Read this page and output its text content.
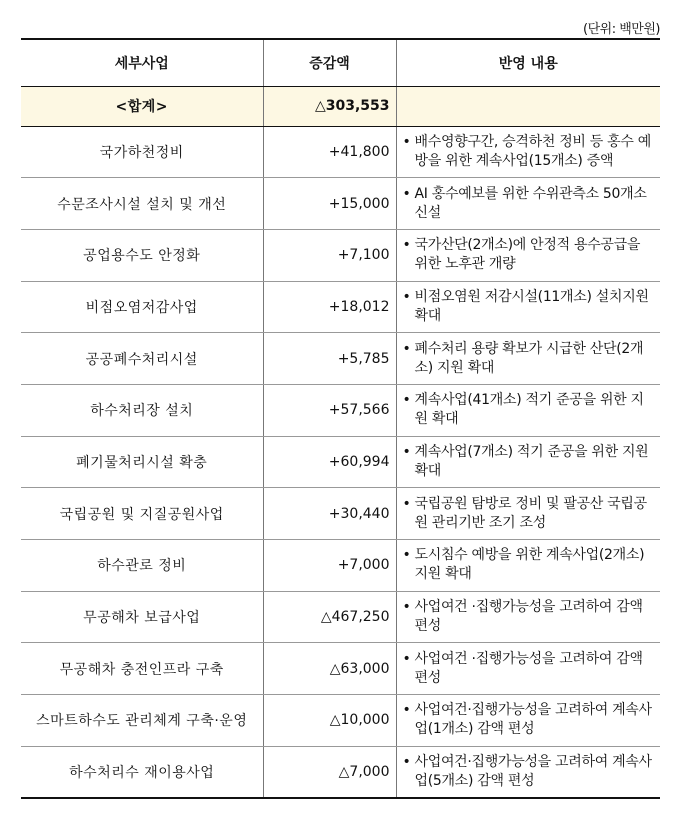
(단위: 백만원)
세부사업	증감액	반영 내용
<합계>	△303,553	
국가하천정비	+41,800	• 배수영향구간, 승격하천 정비 등 홍수 예방을 위한 계속사업(15개소) 증액

수문조사시설 설치 및 개선	+15,000	• AI 홍수예보를 위한 수위관측소 50개소 신설

공업용수도 안정화	+7,100	• 국가산단(2개소)에 안정적 용수공급을 위한 노후관 개량

비점오염저감사업	+18,012	• 비점오염원 저감시설(11개소) 설치지원 확대

공공폐수처리시설	+5,785	• 폐수처리 용량 확보가 시급한 산단(2개소) 지원 확대

하수처리장 설치	+57,566	• 계속사업(41개소) 적기 준공을 위한 지원 확대

폐기물처리시설 확충	+60,994	• 계속사업(7개소) 적기 준공을 위한 지원 확대

국립공원 및 지질공원사업	+30,440	• 국립공원 탐방로 정비 및 팔공산 국립공원 관리기반 조기 조성

하수관로 정비	+7,000	• 도시침수 예방을 위한 계속사업(2개소) 지원 확대

무공해차 보급사업	△467,250	• 사업여건 ·집행가능성을 고려하여 감액 편성

무공해차 충전인프라 구축	△63,000	• 사업여건 ·집행가능성을 고려하여 감액 편성

스마트하수도 관리체계 구축·운영	△10,000	• 사업여건·집행가능성을 고려하여 계속사업(1개소) 감액 편성

하수처리수 재이용사업	△7,000	• 사업여건·집행가능성을 고려하여 계속사업(5개소) 감액 편성
